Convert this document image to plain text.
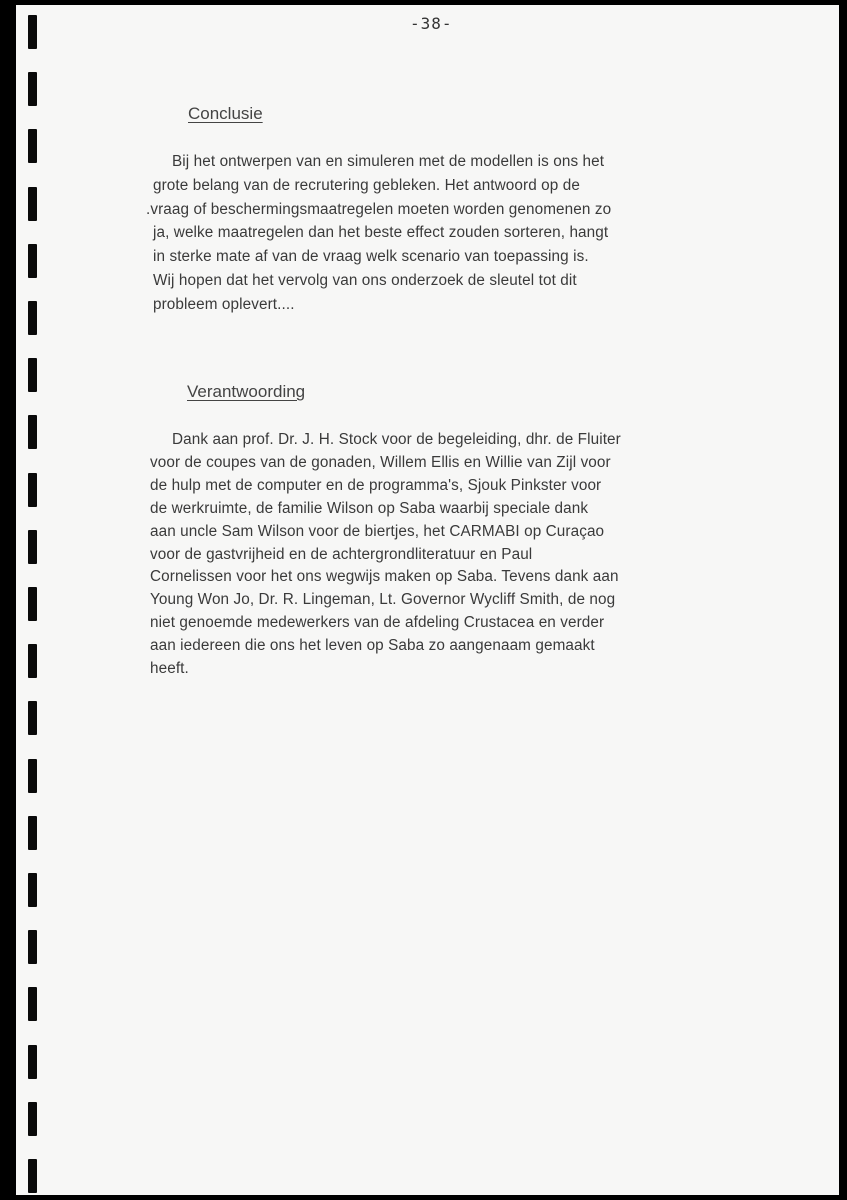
-38-
Conclusie
Bij het ontwerpen van en simuleren met de modellen is ons het
grote belang van de recrutering gebleken. Het antwoord op de
.vraag of beschermingsmaatregelen moeten worden genomenen zo
ja, welke maatregelen dan het beste effect zouden sorteren, hangt
in sterke mate af van de vraag welk scenario van toepassing is.
Wij hopen dat het vervolg van ons onderzoek de sleutel tot dit
probleem oplevert....
Verantwoording
Dank aan prof. Dr. J. H. Stock voor de begeleiding, dhr. de Fluiter
voor de coupes van de gonaden, Willem Ellis en Willie van Zijl voor
de hulp met de computer en de programma's, Sjouk Pinkster voor
de werkruimte, de familie Wilson op Saba waarbij speciale dank
aan uncle Sam Wilson voor de biertjes, het CARMABI op Curaçao
voor de gastvrijheid en de achtergrondliteratuur en Paul
Cornelissen voor het ons wegwijs maken op Saba. Tevens dank aan
Young Won Jo, Dr. R. Lingeman, Lt. Governor Wycliff Smith, de nog
niet genoemde medewerkers van de afdeling Crustacea en verder
aan iedereen die ons het leven op Saba zo aangenaam gemaakt
heeft.
